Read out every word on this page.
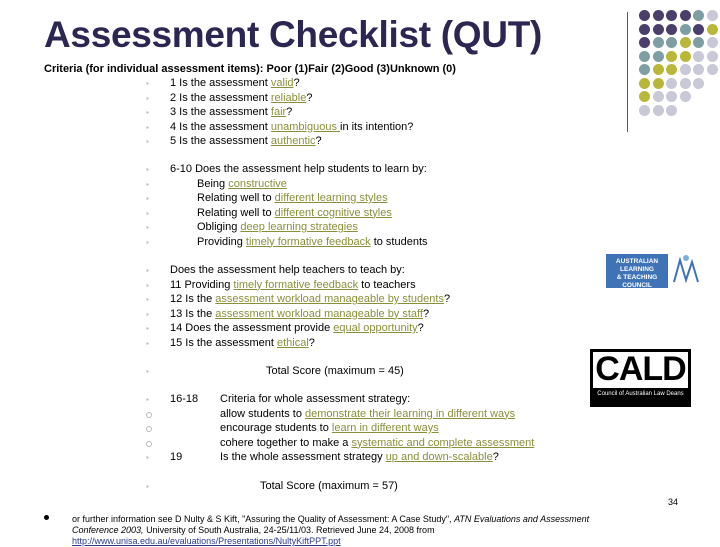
Assessment Checklist (QUT)
Criteria (for individual assessment items): Poor (1)Fair (2)Good (3)Unknown (0)
▪ 1 Is the assessment valid?
▪ 2 Is the assessment reliable?
▪ 3 Is the assessment fair?
▪ 4 Is the assessment unambiguous in its intention?
▪ 5 Is the assessment authentic?
▪ 6-10 Does the assessment help students to learn by:
▪	Being constructive
▪	Relating well to different learning styles
▪	Relating well to different cognitive styles
▪	Obliging deep learning strategies
▪	Providing timely formative feedback to students
▪ Does the assessment help teachers to teach by:
▪ 11 Providing timely formative feedback to teachers
▪ 12 Is the assessment workload manageable by students?
▪ 13 Is the assessment workload manageable by staff?
▪ 14 Does the assessment provide equal opportunity?
▪ 15 Is the assessment ethical?
▪	Total Score (maximum = 45)
▪ 16-18 Criteria for whole assessment strategy:
allow students to demonstrate their learning in different ways
encourage students to learn in different ways
cohere together to make a systematic and complete assessment
▪ 19	Is the whole assessment strategy up and down-scalable?
▪	Total Score (maximum = 57)
AUSTRALIAN
LEARNING
& TEACHING
COUNCIL
CALD
Council of Australian Law Deans
34
or further information see D Nulty & S Kift, "Assuring the Quality of Assessment: A Case Study", ATN Evaluations and Assessment
Conference 2003, University of South Australia, 24-25/11/03. Retrieved June 24, 2008 from
http://www.unisa.edu.au/evaluations/Presentations/NultyKiftPPT.ppt
